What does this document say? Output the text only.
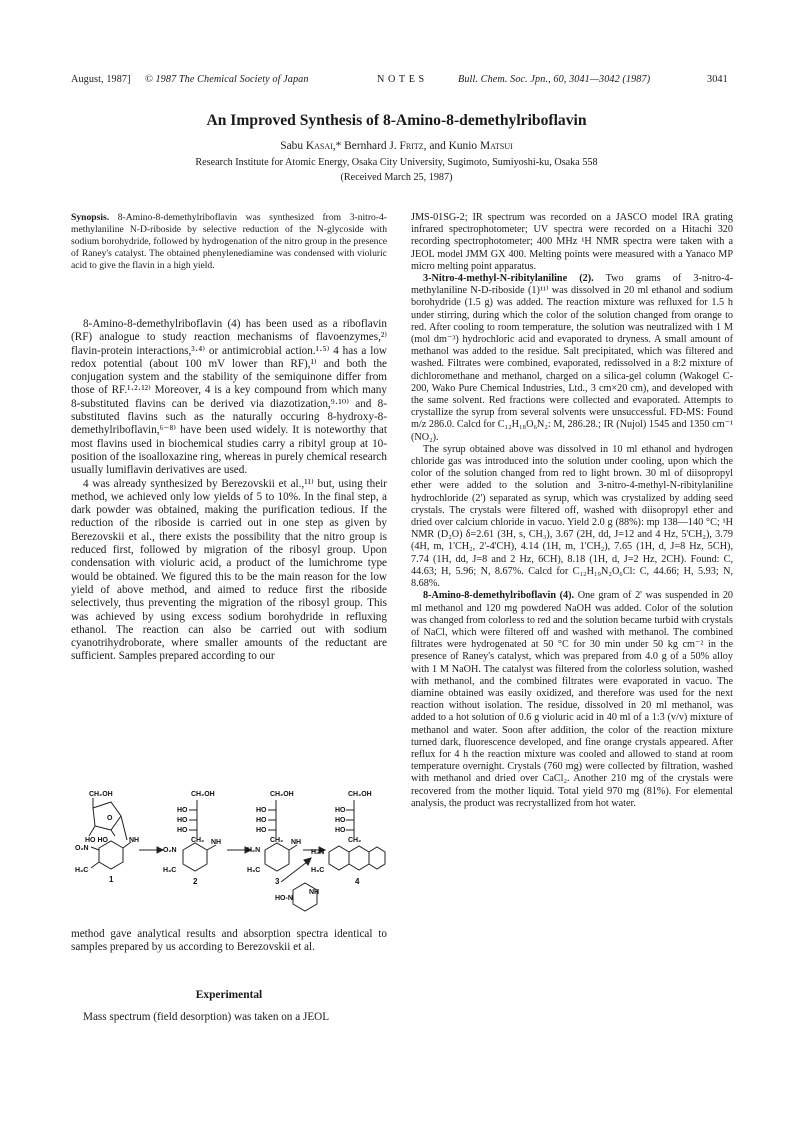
August, 1987] © 1987 The Chemical Society of Japan	NOTES	Bull. Chem. Soc. Jpn., 60, 3041—3042 (1987)	3041
An Improved Synthesis of 8-Amino-8-demethylriboflavin
Sabu Kasai,* Bernhard J. Fritz, and Kunio Matsui
Research Institute for Atomic Energy, Osaka City University, Sugimoto, Sumiyoshi-ku, Osaka 558
(Received March 25, 1987)
Synopsis. 8-Amino-8-demethylriboflavin was synthesized from 3-nitro-4-methylaniline N-D-riboside by selective reduction of the N-glycoside with sodium borohydride, followed by hydrogenation of the nitro group in the presence of Raney's catalyst. The obtained phenylenediamine was condensed with violuric acid to give the flavin in a high yield.

8-Amino-8-demethylriboflavin (4) has been used as a riboflavin (RF) analogue to study reaction mechanisms of flavoenzymes,²⁾ flavin-protein interactions,³·⁴⁾ or antimicrobial action.¹·⁵⁾ 4 has a low redox potential (about 100 mV lower than RF),¹⁾ and both the conjugation system and the stability of the semiquinone differ from those of RF.¹·²·¹²⁾ Moreover, 4 is a key compound from which many 8-substituted flavins can be derived via diazotization,⁹·¹⁰⁾ and 8-substituted flavins such as the naturally occuring 8-hydroxy-8-demethylriboflavin,⁶⁻⁸⁾ have been used widely. It is noteworthy that most flavins used in biochemical studies carry a ribityl group at 10-position of the isoalloxazine ring, whereas in purely chemical research usually lumiflavin derivatives are used.

4 was already synthesized by Berezovskii et al.,¹¹⁾ but, using their method, we achieved only low yields of 5 to 10%. In the final step, a dark powder was obtained, making the purification tedious. If the reduction of the riboside is carried out in one step as given by Berezovskii et al., there exists the possibility that the nitro group is reduced first, followed by migration of the ribosyl group. Upon condensation with violuric acid, a product of the lumichrome type would be obtained. We figured this to be the main reason for the low yield of above method, and aimed to reduce first the riboside selectively, thus preventing the migration of the ribosyl group. This was achieved by using excess sodium borohydride in refluxing ethanol. The reaction can also be carried out with sodium cyanotrihydroborate, where smaller amounts of the reductant are sufficient. Samples prepared according to our

CH₂OH
O
HO HO	NH
O₂N
H₃C
1
CH₂OH
HO
HO
HO
CH₂ NH
O₂N
H₃C
2
CH₂OH
HO
HO
HO
CH₂ NH
H₂N
H₃C
3
HO-N
NH
CH₂OH
HO
HO
HO
CH₂
H₂N
H₃C
4

method gave analytical results and absorption spectra identical to samples prepared by us according to Berezovskii et al.

Experimental
Mass spectrum (field desorption) was taken on a JEOL

JMS-01SG-2; IR spectrum was recorded on a JASCO model IRA grating infrared spectrophotometer; UV spectra were recorded on a Hitachi 320 recording spectrophotometer; 400 MHz ¹H NMR spectra were taken with a JEOL model JMM GX 400. Melting points were measured with a Yanaco MP micro melting point apparatus.

3-Nitro-4-methyl-N-ribitylaniline (2). Two grams of 3-nitro-4-methylaniline N-D-riboside (1)¹¹⁾ was dissolved in 20 ml ethanol and sodium borohydride (1.5 g) was added. The reaction mixture was refluxed for 1.5 h under stirring, during which the color of the solution changed from orange to red. After cooling to room temperature, the solution was neutralized with 1 M (mol dm⁻³) hydrochloric acid and evaporated to dryness. A small amount of methanol was added to the residue. Salt precipitated, which was filtered and washed. Filtrates were combined, evaporated, redissolved in a 8:2 mixture of dichloromethane and methanol, charged on a silica-gel column (Wakogel C-200, Wako Pure Chemical Industries, Ltd., 3 cm×20 cm), and developed with the same solvent. Red fractions were collected and evaporated. Attempts to crystallize the syrup from several solvents were unsuccessful. FD-MS: Found m/z 286.0. Calcd for C₁₂H₁₈O₆N₂: M, 286.28.; IR (Nujol) 1545 and 1350 cm⁻¹ (NO₂).

The syrup obtained above was dissolved in 10 ml ethanol and hydrogen chloride gas was introduced into the solution under cooling, upon which the color of the solution changed from red to light brown. 30 ml of diisopropyl ether were added to the solution and 3-nitro-4-methyl-N-ribitylaniline hydrochloride (2') separated as syrup, which was crystalized by adding seed crystals. The crystals were filtered off, washed with diisopropyl ether and dried over calcium chloride in vacuo. Yield 2.0 g (88%): mp 138—140 °C; ¹H NMR (D₂O) δ=2.61 (3H, s, CH₃), 3.67 (2H, dd, J=12 and 4 Hz, 5'CH₂), 3.79 (4H, m, 1'CH₂, 2'-4'CH), 4.14 (1H, m, 1'CH₂), 7.65 (1H, d, J=8 Hz, 5CH), 7.74 (1H, dd, J=8 and 2 Hz, 6CH), 8.18 (1H, d, J=2 Hz, 2CH). Found: C, 44.63; H, 5.96; N, 8.67%. Calcd for C₁₂H₁₉N₂O₆Cl: C, 44.66; H, 5.93; N, 8.68%.

8-Amino-8-demethylriboflavin (4). One gram of 2' was suspended in 20 ml methanol and 120 mg powdered NaOH was added. Color of the solution was changed from colorless to red and the solution became turbid with crystals of NaCl, which were filtered off and washed with methanol. The combined filtrates were hydrogenated at 50 °C for 30 min under 50 kg cm⁻² in the presence of Raney's catalyst, which was prepared from 4.0 g of a 50% alloy with 1 M NaOH. The catalyst was filtered from the colorless solution, washed with methanol, and the combined filtrates were evaporated in vacuo. The diamine obtained was easily oxidized, and therefore was used for the next reaction without isolation. The residue, dissolved in 20 ml methanol, was added to a hot solution of 0.6 g violuric acid in 40 ml of a 1:3 (v/v) mixture of methanol and water. Soon after addition, the color of the reaction mixture turned dark, fluorescence developed, and fine orange crystals appeared. After reflux for 4 h the reaction mixture was cooled and allowed to stand at room temperature overnight. Crystals (760 mg) were collected by filtration, washed with methanol and dried over CaCl₂. Another 210 mg of the crystals were recovered from the mother liquid. Total yield 970 mg (81%). For elemental analysis, the product was recrystallized from hot water.
